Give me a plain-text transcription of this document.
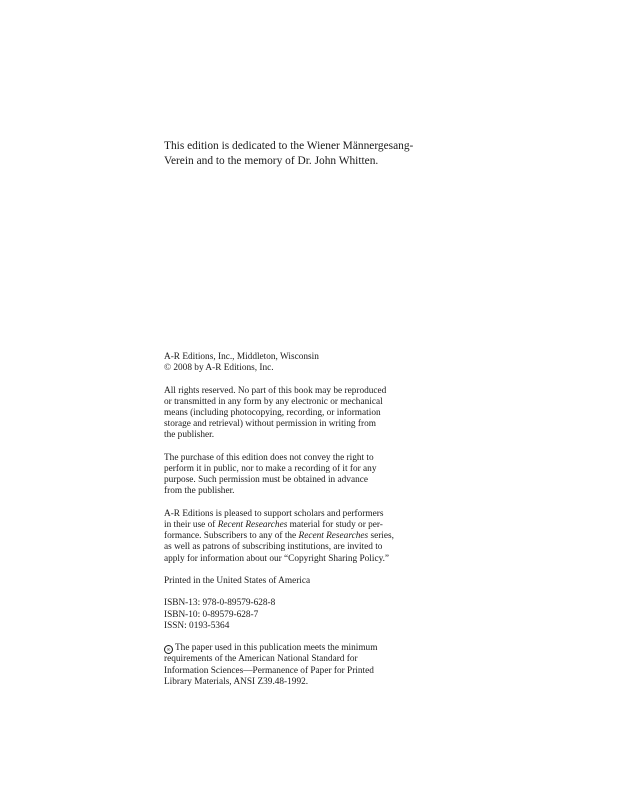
This edition is dedicated to the Wiener Männergesang-
Verein and to the memory of Dr. John Whitten.
A-R Editions, Inc., Middleton, Wisconsin
© 2008 by A-R Editions, Inc.
All rights reserved. No part of this book may be reproduced
or transmitted in any form by any electronic or mechanical
means (including photocopying, recording, or information
storage and retrieval) without permission in writing from
the publisher.
The purchase of this edition does not convey the right to
perform it in public, nor to make a recording of it for any
purpose. Such permission must be obtained in advance
from the publisher.
A-R Editions is pleased to support scholars and performers
in their use of Recent Researches material for study or per-
formance. Subscribers to any of the Recent Researches series,
as well as patrons of subscribing institutions, are invited to
apply for information about our “Copyright Sharing Policy.”
Printed in the United States of America
ISBN-13: 978-0-89579-628-8
ISBN-10: 0-89579-628-7
ISSN: 0193-5364
∞ The paper used in this publication meets the minimum
requirements of the American National Standard for
Information Sciences—Permanence of Paper for Printed
Library Materials, ANSI Z39.48-1992.
